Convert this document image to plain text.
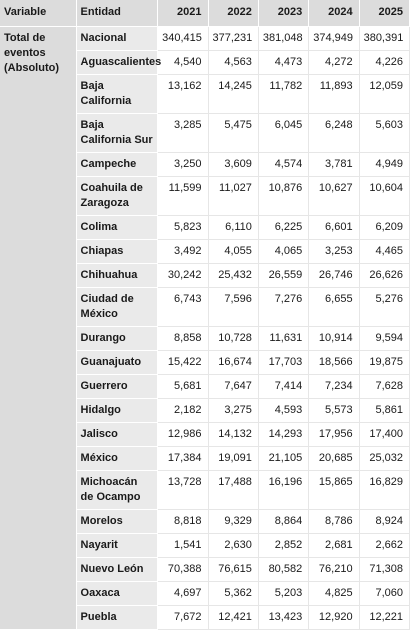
Variable	Entidad	2021	2022	2023	2024	2025
Total de eventos (Absoluto)	Nacional	340,415	377,231	381,048	374,949	380,391
	Aguascalientes	4,540	4,563	4,473	4,272	4,226
	Baja California	13,162	14,245	11,782	11,893	12,059
	Baja California Sur	3,285	5,475	6,045	6,248	5,603
	Campeche	3,250	3,609	4,574	3,781	4,949
	Coahuila de Zaragoza	11,599	11,027	10,876	10,627	10,604
	Colima	5,823	6,110	6,225	6,601	6,209
	Chiapas	3,492	4,055	4,065	3,253	4,465
	Chihuahua	30,242	25,432	26,559	26,746	26,626
	Ciudad de México	6,743	7,596	7,276	6,655	5,276
	Durango	8,858	10,728	11,631	10,914	9,594
	Guanajuato	15,422	16,674	17,703	18,566	19,875
	Guerrero	5,681	7,647	7,414	7,234	7,628
	Hidalgo	2,182	3,275	4,593	5,573	5,861
	Jalisco	12,986	14,132	14,293	17,956	17,400
	México	17,384	19,091	21,105	20,685	25,032
	Michoacán de Ocampo	13,728	17,488	16,196	15,865	16,829
	Morelos	8,818	9,329	8,864	8,786	8,924
	Nayarit	1,541	2,630	2,852	2,681	2,662
	Nuevo León	70,388	76,615	80,582	76,210	71,308
	Oaxaca	4,697	5,362	5,203	4,825	7,060
	Puebla	7,672	12,421	13,423	12,920	12,221
